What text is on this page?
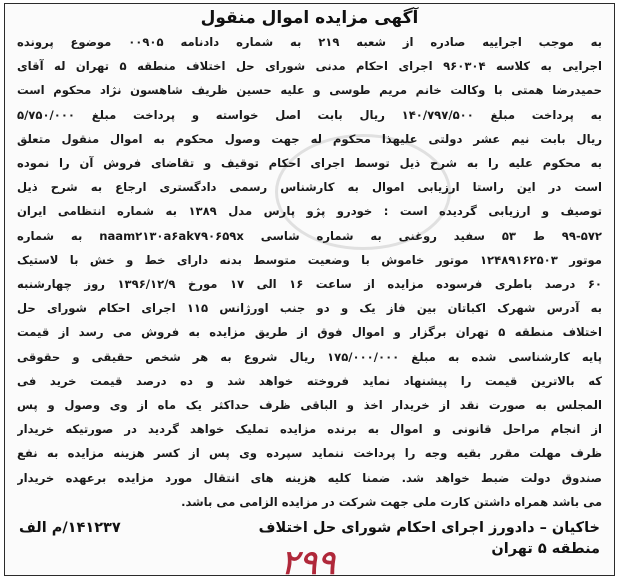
آگهی مزایده اموال منقول
به موجب اجراییه صادره از شعبه ۲۱۹ به شماره دادنامه ۰۰۹۰۵ موضوع پرونده
اجرایی به کلاسه ۹۶۰۳۰۴ اجرای احکام مدنی شورای حل اختلاف منطقه ۵ تهران له آقای
حمیدرضا همتی با وکالت خانم مریم طوسی و علیه حسین ظریف شاهسون نژاد محکوم است
به پرداخت مبلغ ۱۴۰/۷۹۷/۵۰۰ ریال بابت اصل خواسته و پرداخت مبلغ ۵/۷۵۰/۰۰۰
ریال بابت نیم عشر دولتی علیهذا محکوم له جهت وصول محکوم به اموال منقول متعلق
به محکوم علیه را به شرح ذیل توسط اجرای احکام توقیف و تقاضای فروش آن را نموده
است در این راستا ارزیابی اموال به کارشناس رسمی دادگستری ارجاع به شرح ذیل
توصیف و ارزیابی گردیده است : خودرو پژو پارس مدل ۱۳۸۹ به شماره انتظامی ایران
۹۹-۵۷۲ ط ۵۳ سفید روغنی به شماره شاسی naam۲۱۳۰a۶ak۷۹۰۶۵۹x به شماره
موتور ۱۲۴۸۹۱۶۲۵۰۳ موتور خاموش با وضعیت متوسط بدنه دارای خط و خش با لاستیک
۶۰ درصد باطری فرسوده مزایده از ساعت ۱۶ الی ۱۷ مورخ ۱۳۹۶/۱۲/۹ روز چهارشنبه
به آدرس شهرک اکباتان بین فاز یک و دو جنب اورژانس ۱۱۵ اجرای احکام شورای حل
اختلاف منطقه ۵ تهران برگزار و اموال فوق از طریق مزایده به فروش می رسد از قیمت
پایه کارشناسی شده به مبلغ ۱۷۵/۰۰۰/۰۰۰ ریال شروع به هر شخص حقیقی و حقوقی
که بالاترین قیمت را پیشنهاد نماید فروخته خواهد شد و ده درصد قیمت خرید فی
المجلس به صورت نقد از خریدار اخذ و الباقی ظرف حداکثر یک ماه از وی وصول و پس
از انجام مراحل قانونی و اموال به برنده مزایده تملیک خواهد گردید در صورتیکه خریدار
ظرف مهلت مقرر بقیه وجه را پرداخت ننماید سپرده وی پس از کسر هزینه مزایده به نفع
صندوق دولت ضبط خواهد شد. ضمنا کلیه هزینه های انتقال مورد مزایده برعهده خریدار
می باشد همراه داشتن کارت ملی جهت شرکت در مزایده الزامی می باشد.
خاکیان – دادورز اجرای احکام شورای حل اختلاف
۱۴۱۲۳۷/م الف
منطقه ۵ تهران
۲۹۹
